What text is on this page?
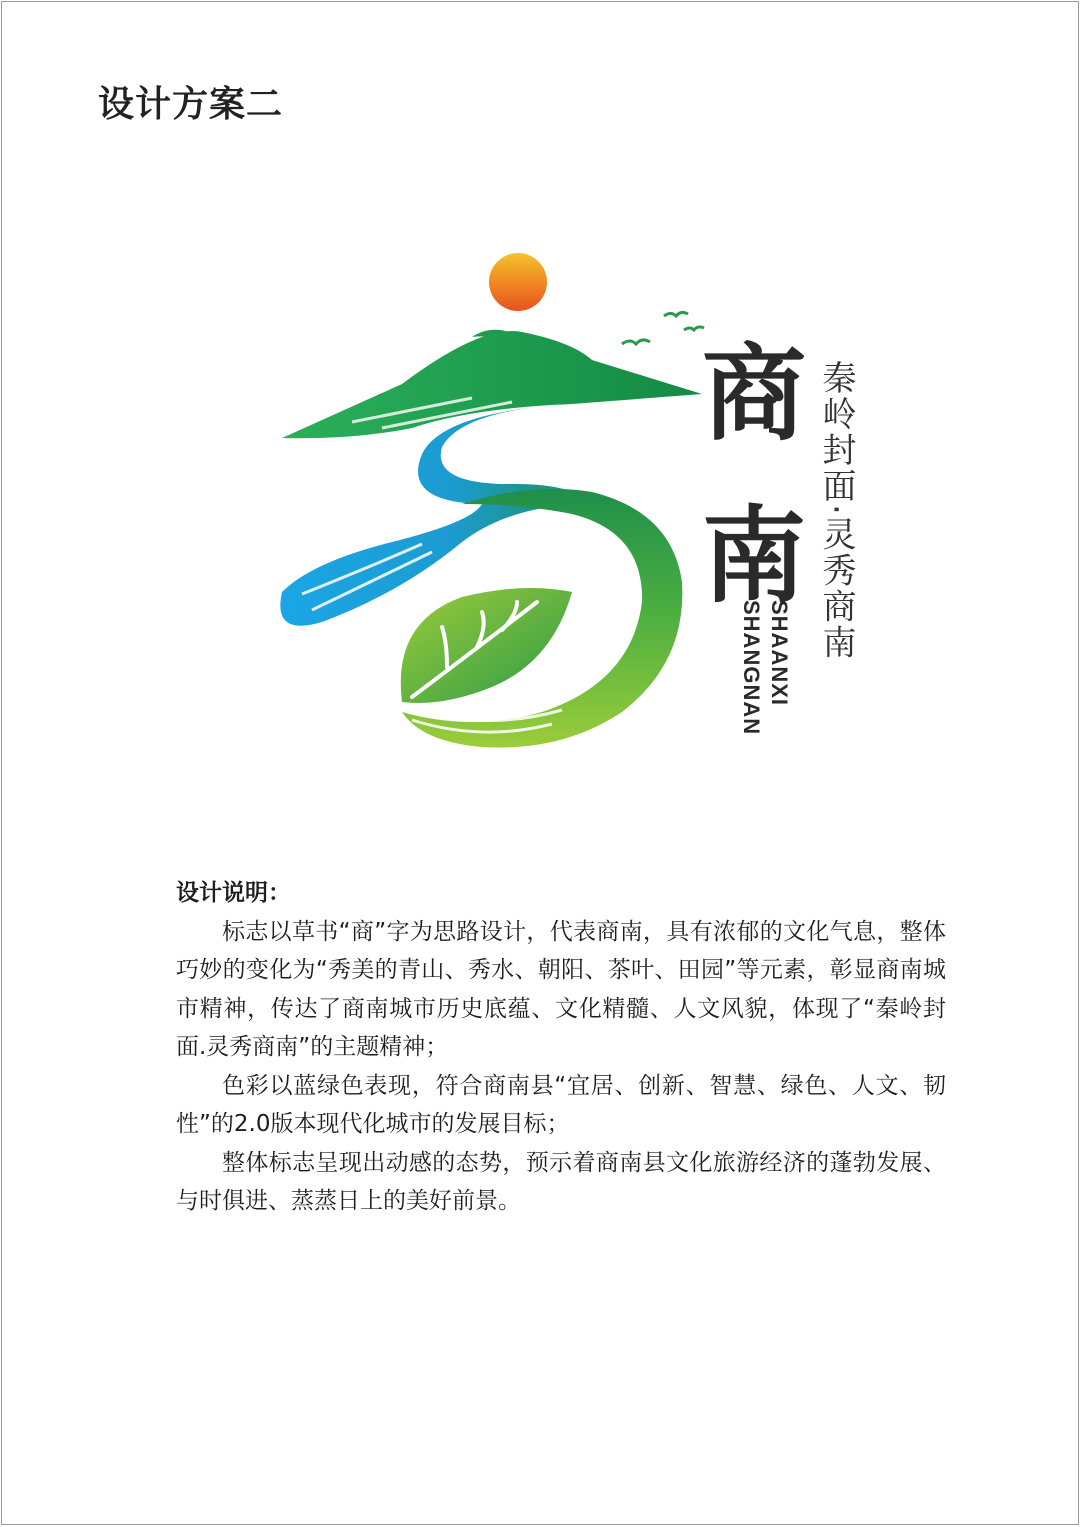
设计方案二
商
南 秦岭封面·灵秀商南
SHAANXI
SHANGNAN
设计说明：

标志以草书“商”字为思路设计，代表商南，具有浓郁的文化气息，整体巧妙的变化为“秀美的青山、秀水、朝阳、茶叶、田园”等元素，彰显商南城市精神，传达了商南城市历史底蕴、文化精髓、人文风貌，体现了“秦岭封面.灵秀商南”的主题精神；

色彩以蓝绿色表现，符合商南县“宜居、创新、智慧、绿色、人文、韧性”的2.0版本现代化城市的发展目标；

整体标志呈现出动感的态势，预示着商南县文化旅游经济的蓬勃发展、与时俱进、蒸蒸日上的美好前景。
